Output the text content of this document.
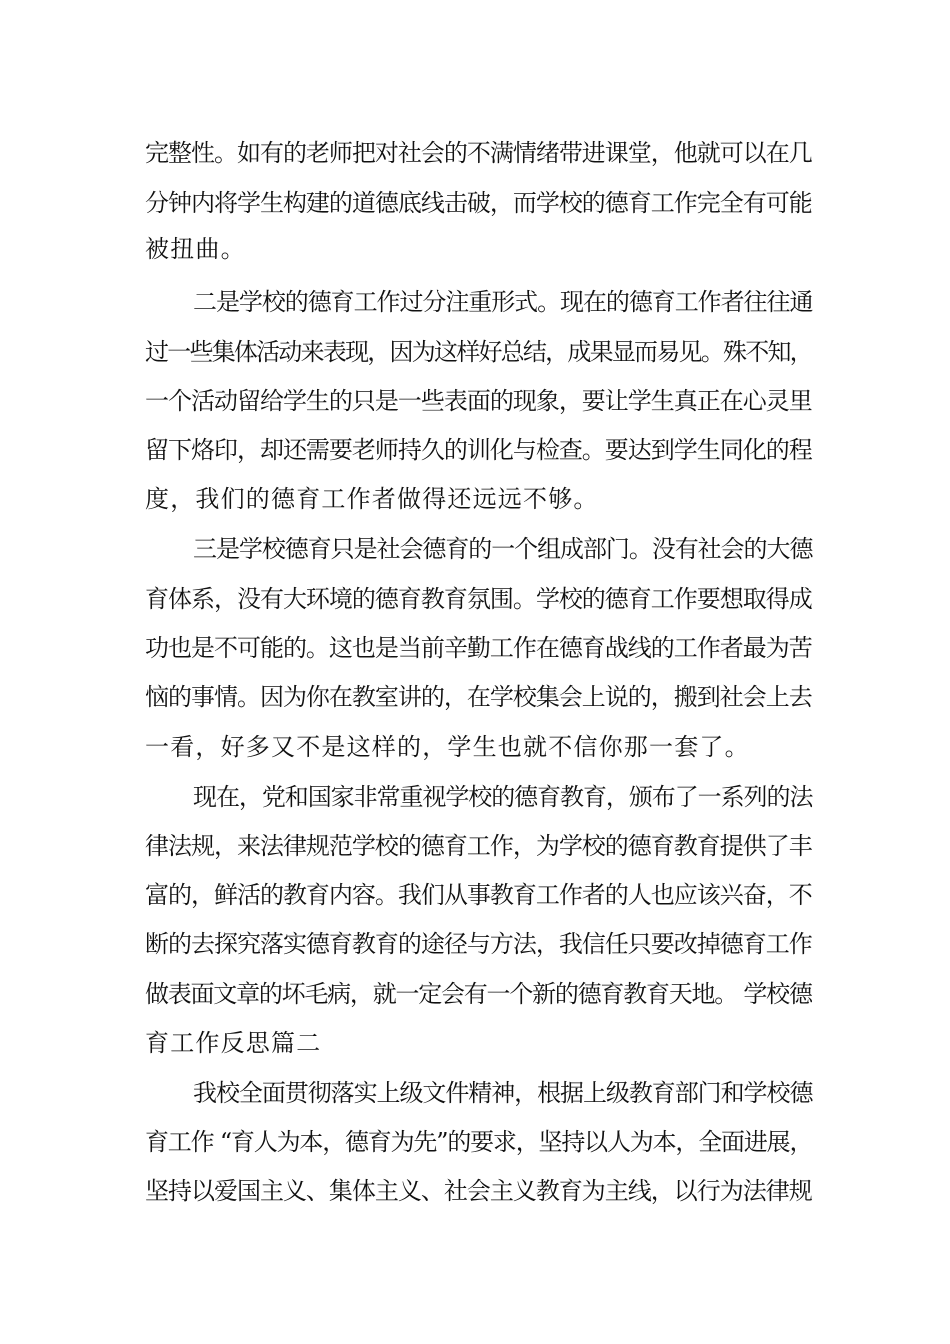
完整性。如有的老师把对社会的不满情绪带进课堂，他就可以在几

分钟内将学生构建的道德底线击破，而学校的德育工作完全有可能

被扭曲。

二是学校的德育工作过分注重形式。现在的德育工作者往往通

过一些集体活动来表现，因为这样好总结，成果显而易见。殊不知，

一个活动留给学生的只是一些表面的现象，要让学生真正在心灵里

留下烙印，却还需要老师持久的训化与检查。要达到学生同化的程

度，我们的德育工作者做得还远远不够。

三是学校德育只是社会德育的一个组成部门。没有社会的大德

育体系，没有大环境的德育教育氛围。学校的德育工作要想取得成

功也是不可能的。这也是当前辛勤工作在德育战线的工作者最为苦

恼的事情。因为你在教室讲的，在学校集会上说的，搬到社会上去

一看，好多又不是这样的，学生也就不信你那一套了。

现在，党和国家非常重视学校的德育教育，颁布了一系列的法

律法规，来法律规范学校的德育工作，为学校的德育教育提供了丰

富的，鲜活的教育内容。我们从事教育工作者的人也应该兴奋，不

断的去探究落实德育教育的途径与方法，我信任只要改掉德育工作

做表面文章的坏毛病，就一定会有一个新的德育教育天地。 学校德

育工作反思篇二

我校全面贯彻落实上级文件精神，根据上级教育部门和学校德

育工作 “育人为本，德育为先”的要求，坚持以人为本，全面进展，

坚持以爱国主义、集体主义、社会主义教育为主线，以行为法律规
